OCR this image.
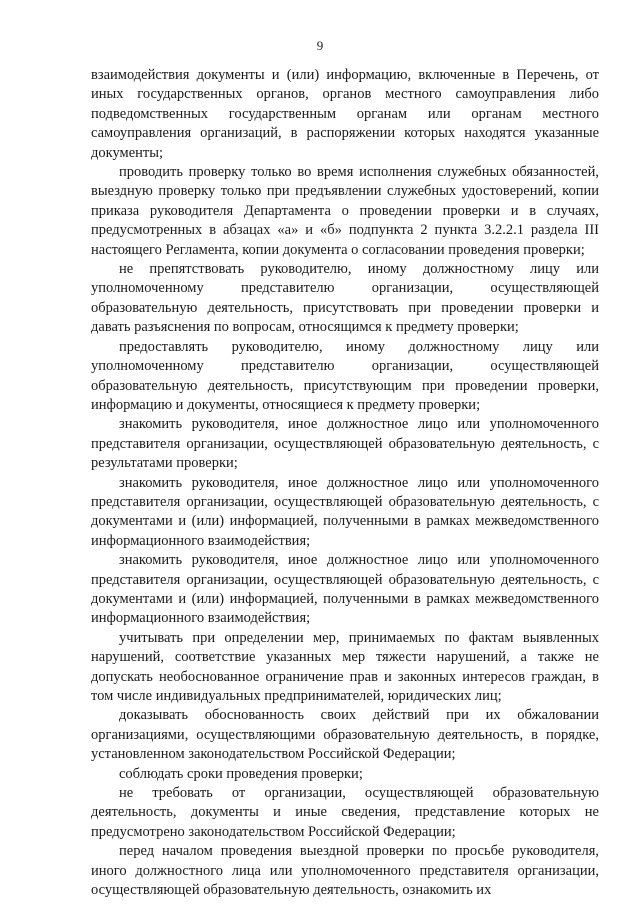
9

взаимодействия документы и (или) информацию, включенные в Перечень, от иных государственных органов, органов местного самоуправления либо подведомственных государственным органам или органам местного самоуправления организаций, в распоряжении которых находятся указанные документы;

проводить проверку только во время исполнения служебных обязанностей, выездную проверку только при предъявлении служебных удостоверений, копии приказа руководителя Департамента о проведении проверки и в случаях, предусмотренных в абзацах «а» и «б» подпункта 2 пункта 3.2.2.1 раздела III настоящего Регламента, копии документа о согласовании проведения проверки;

не препятствовать руководителю, иному должностному лицу или уполномоченному представителю организации, осуществляющей образовательную деятельность, присутствовать при проведении проверки и давать разъяснения по вопросам, относящимся к предмету проверки;

предоставлять руководителю, иному должностному лицу или уполномоченному представителю организации, осуществляющей образовательную деятельность, присутствующим при проведении проверки, информацию и документы, относящиеся к предмету проверки;

знакомить руководителя, иное должностное лицо или уполномоченного представителя организации, осуществляющей образовательную деятельность, с результатами проверки;

знакомить руководителя, иное должностное лицо или уполномоченного представителя организации, осуществляющей образовательную деятельность, с документами и (или) информацией, полученными в рамках межведомственного информационного взаимодействия;

знакомить руководителя, иное должностное лицо или уполномоченного представителя организации, осуществляющей образовательную деятельность, с документами и (или) информацией, полученными в рамках межведомственного информационного взаимодействия;

учитывать при определении мер, принимаемых по фактам выявленных нарушений, соответствие указанных мер тяжести нарушений, а также не допускать необоснованное ограничение прав и законных интересов граждан, в том числе индивидуальных предпринимателей, юридических лиц;

доказывать обоснованность своих действий при их обжаловании организациями, осуществляющими образовательную деятельность, в порядке, установленном законодательством Российской Федерации;

соблюдать сроки проведения проверки;

не требовать от организации, осуществляющей образовательную деятельность, документы и иные сведения, представление которых не предусмотрено законодательством Российской Федерации;

перед началом проведения выездной проверки по просьбе руководителя, иного должностного лица или уполномоченного представителя организации, осуществляющей образовательную деятельность, ознакомить их
